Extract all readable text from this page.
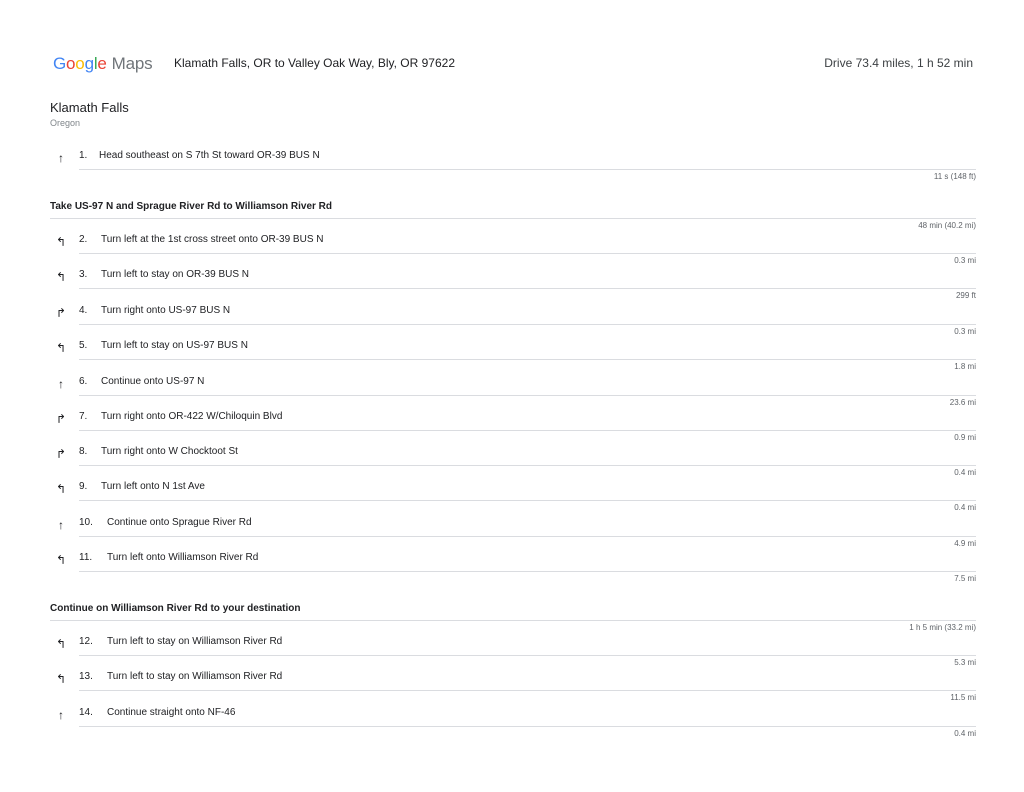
Google Maps Klamath Falls, OR to Valley Oak Way, Bly, OR 97622	Drive 73.4 miles, 1 h 52 min
Klamath Falls
Oregon
↑	1. Head southeast on S 7th St toward OR-39 BUS N
11 s (148 ft)
Take US-97 N and Sprague River Rd to Williamson River Rd
48 min (40.2 mi)
↰ 2. Turn left at the 1st cross street onto OR-39 BUS N
0.3 mi
↰ 3. Turn left to stay on OR-39 BUS N
299 ft
↱ 4. Turn right onto US-97 BUS N
0.3 mi
↰ 5. Turn left to stay on US-97 BUS N
1.8 mi
↑	6. Continue onto US-97 N
23.6 mi
↱ 7. Turn right onto OR-422 W/Chiloquin Blvd
0.9 mi
↱ 8. Turn right onto W Chocktoot St
0.4 mi
↰ 9. Turn left onto N 1st Ave
0.4 mi
↑	10. Continue onto Sprague River Rd
4.9 mi
↰ 11. Turn left onto Williamson River Rd
7.5 mi
Continue on Williamson River Rd to your destination
1 h 5 min (33.2 mi)
↰ 12. Turn left to stay on Williamson River Rd
5.3 mi
↰ 13. Turn left to stay on Williamson River Rd
11.5 mi
↑	14. Continue straight onto NF-46
0.4 mi
